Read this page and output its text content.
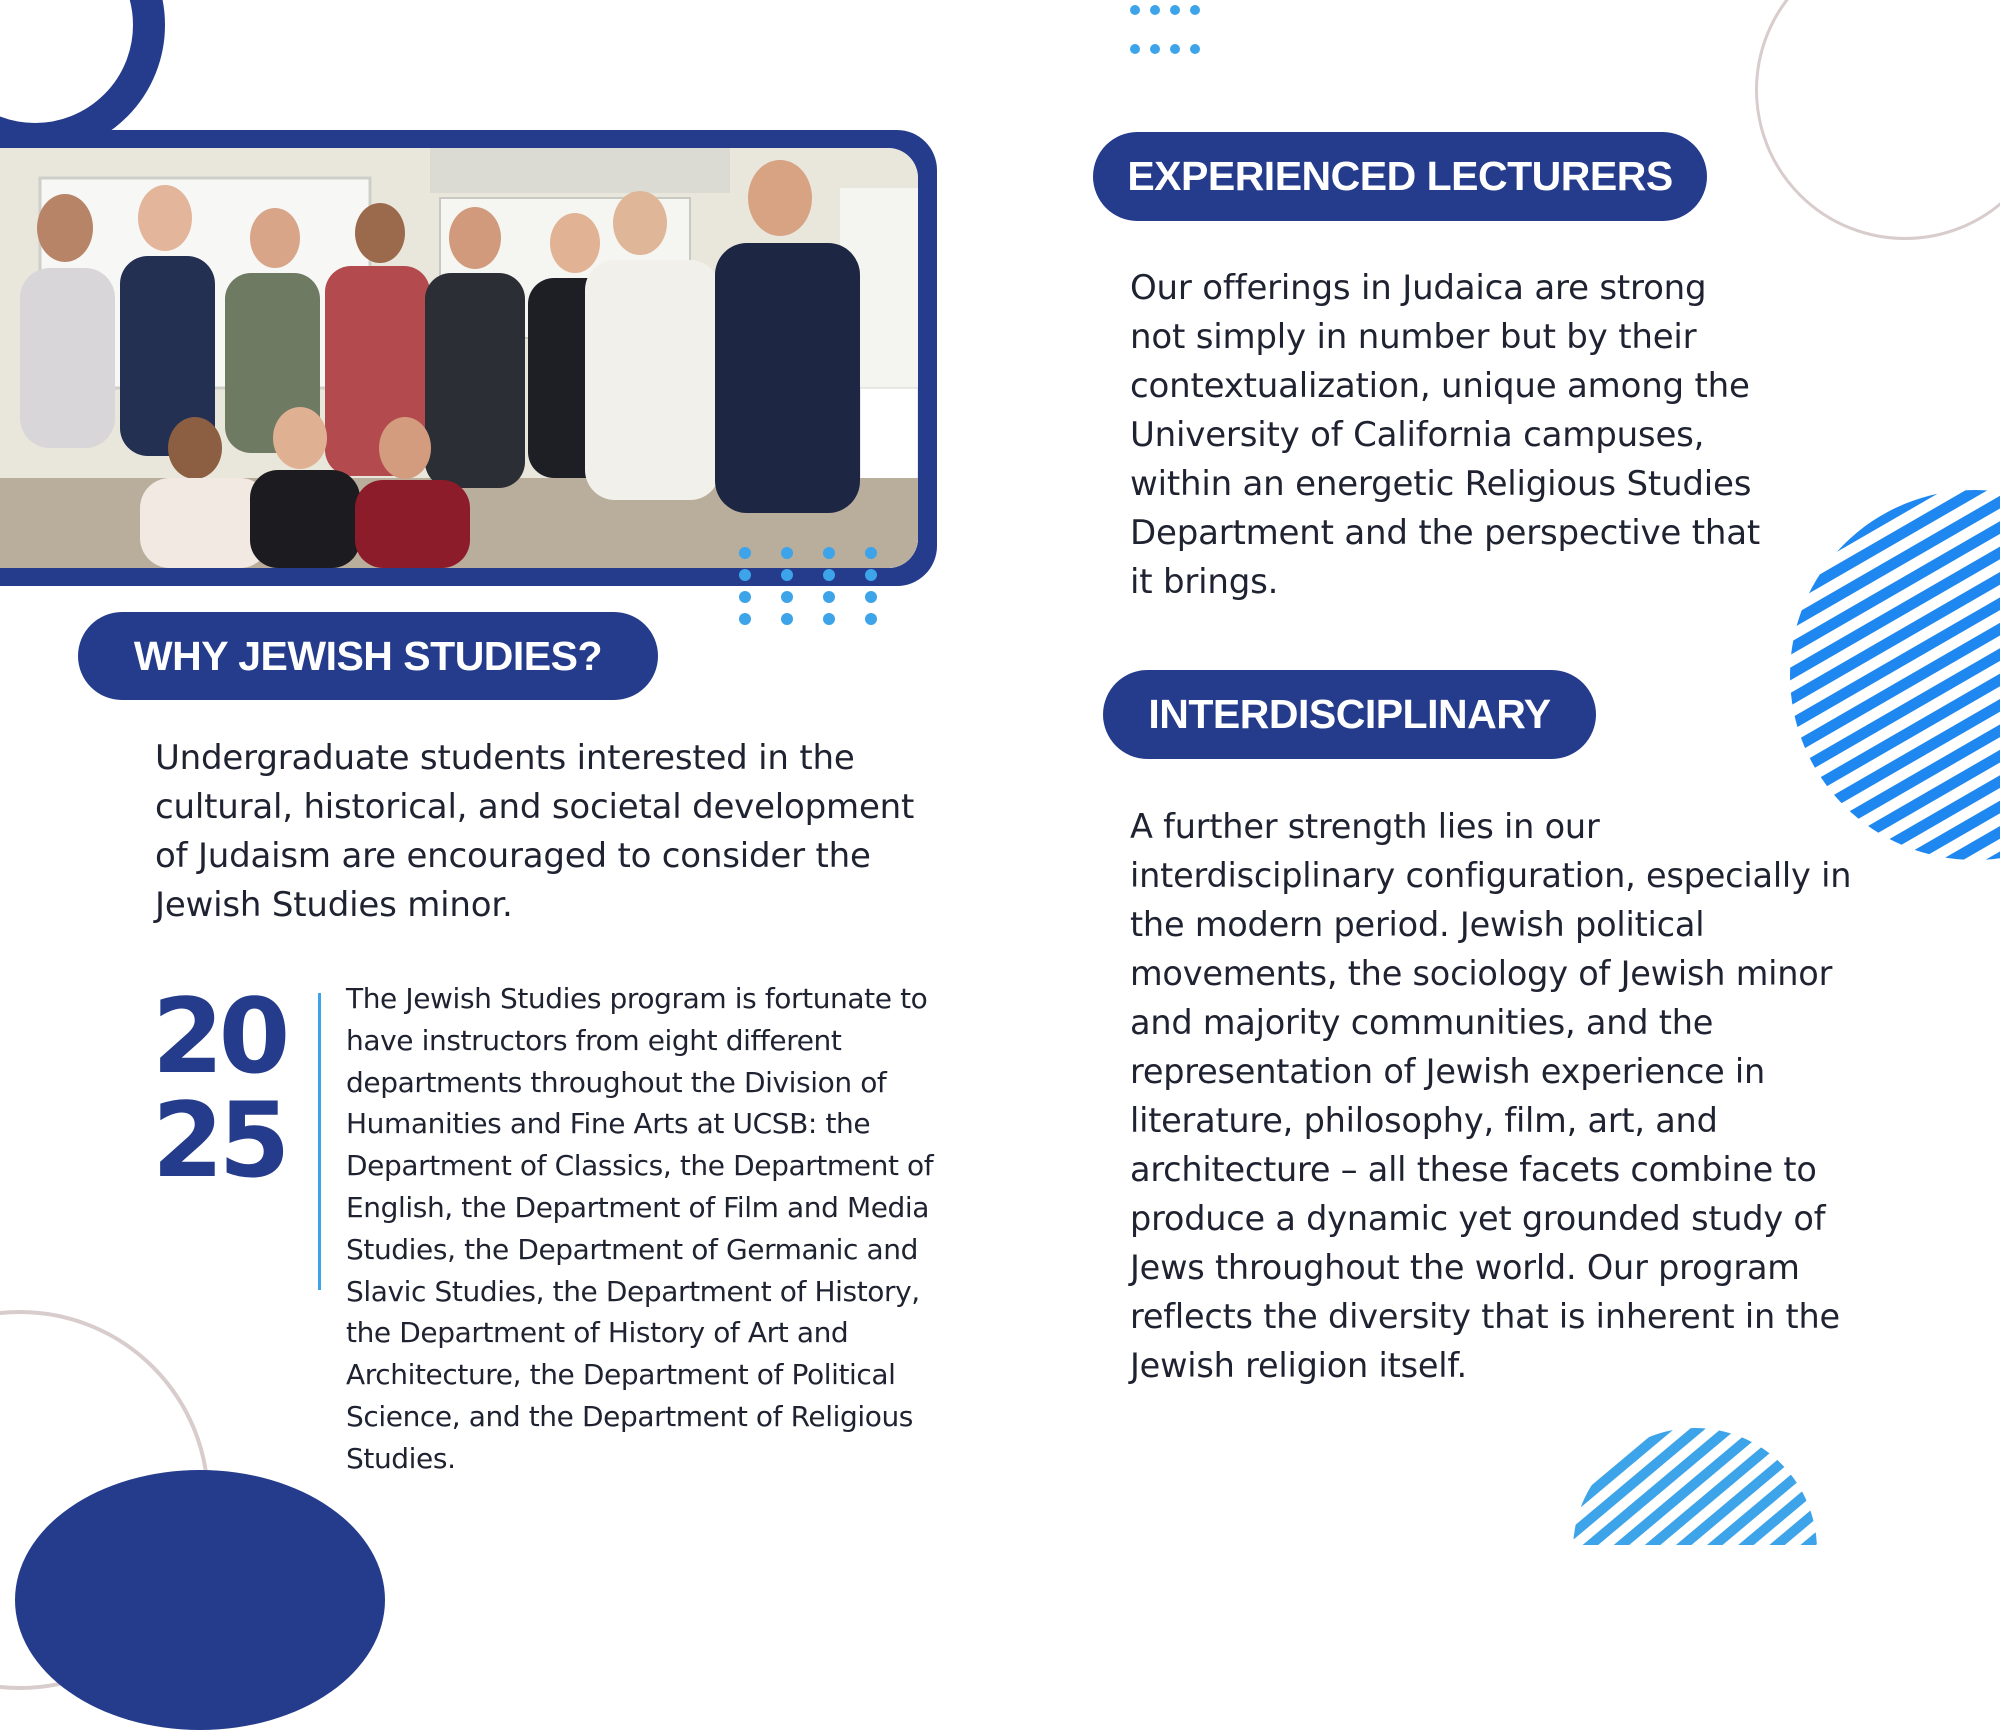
WHY JEWISH STUDIES?

Undergraduate students interested in the cultural, historical, and societal development of Judaism are encouraged to consider the Jewish Studies minor.

20
25

The Jewish Studies program is fortunate to have instructors from eight different departments throughout the Division of Humanities and Fine Arts at UCSB: the Department of Classics, the Department of English, the Department of Film and Media Studies, the Department of Germanic and Slavic Studies, the Department of History, the Department of History of Art and Architecture, the Department of Political Science, and the Department of Religious Studies.

EXPERIENCED LECTURERS

Our offerings in Judaica are strong not simply in number but by their contextualization, unique among the University of California campuses, within an energetic Religious Studies Department and the perspective that it brings.

INTERDISCIPLINARY

A further strength lies in our interdisciplinary configuration, especially in the modern period. Jewish political movements, the sociology of Jewish minor and majority communities, and the representation of Jewish experience in literature, philosophy, film, art, and architecture – all these facets combine to produce a dynamic yet grounded study of Jews throughout the world. Our program reflects the diversity that is inherent in the Jewish religion itself.
